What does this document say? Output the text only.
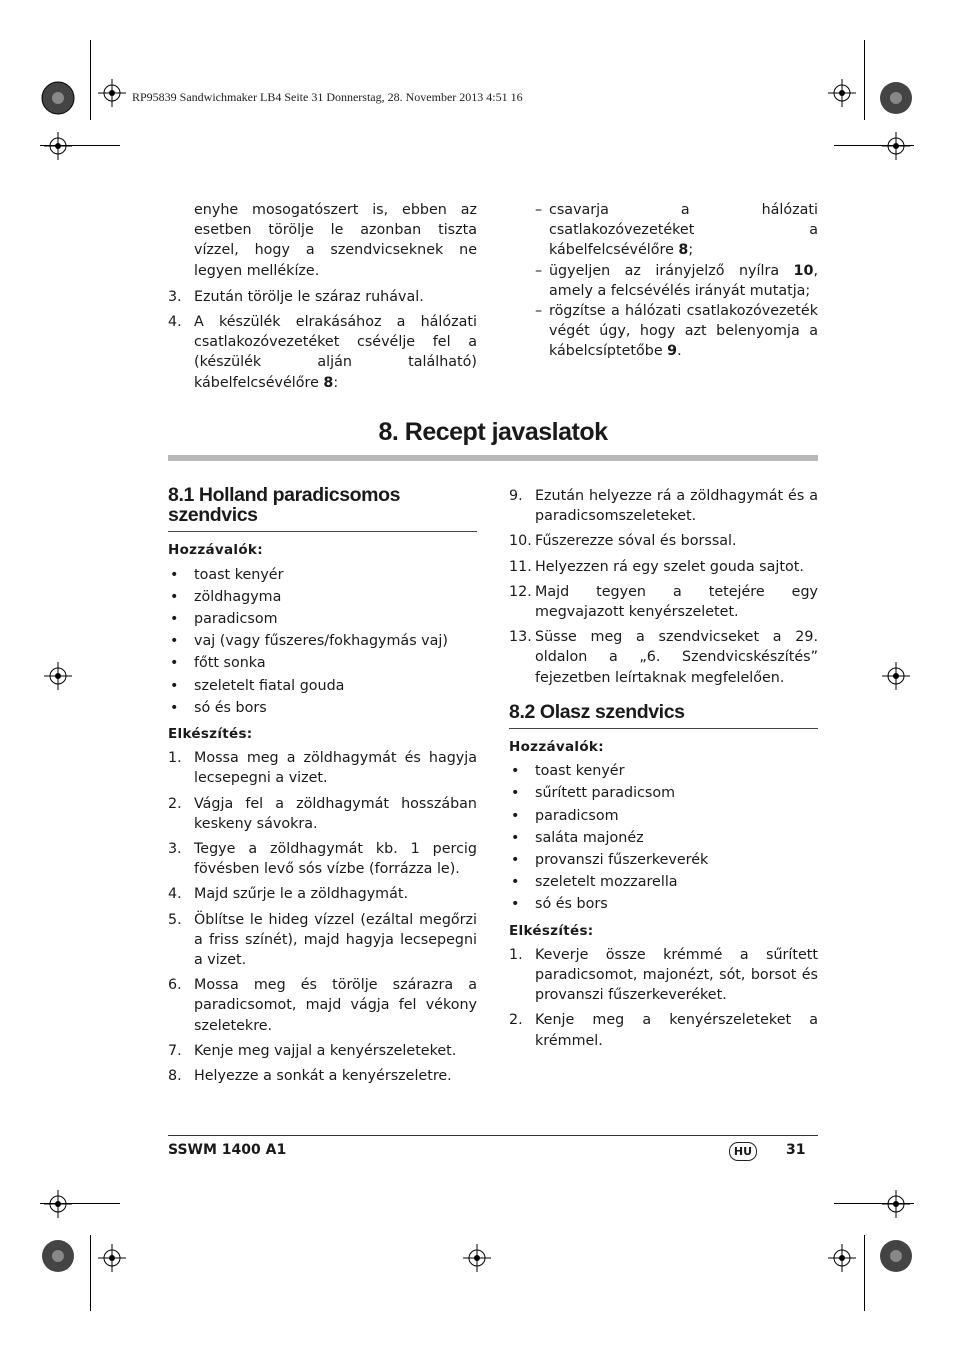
RP95839 Sandwichmaker LB4 Seite 31 Donnerstag, 28. November 2013 4:51 16

enyhe mosogatószert is, ebben az esetben törölje le azonban tiszta vízzel, hogy a szendvicseknek ne legyen mellékíze.

3. Ezután törölje le száraz ruhával.
4. A készülék elrakásához a hálózati csatlakozóvezetéket csévélje fel a (készülék alján található) kábelfelcsévélőre 8:
– csavarja a hálózati csatlakozóvezetéket a kábelfelcsévélőre 8;
– ügyeljen az irányjelző nyílra 10, amely a felcsévélés irányát mutatja;
– rögzítse a hálózati csatlakozóvezeték végét úgy, hogy azt belenyomja a kábelcsíptetőbe 9.
8. Recept javaslatok
8.1 Holland paradicsomos szendvics
Hozzávalók:
• toast kenyér
• zöldhagyma
• paradicsom
• vaj (vagy fűszeres/fokhagymás vaj)
• főtt sonka
• szeletelt fiatal gouda
• só és bors
Elkészítés:
1. Mossa meg a zöldhagymát és hagyja lecsepegni a vizet.
2. Vágja fel a zöldhagymát hosszában keskeny sávokra.
3. Tegye a zöldhagymát kb. 1 percig fövésben levő sós vízbe (forrázza le).
4. Majd szűrje le a zöldhagymát.
5. Öblítse le hideg vízzel (ezáltal megőrzi a friss színét), majd hagyja lecsepegni a vizet.
6. Mossa meg és törölje szárazra a paradicsomot, majd vágja fel vékony szeletekre.
7. Kenje meg vajjal a kenyérszeleteket.
8. Helyezze a sonkát a kenyérszeletre.
9. Ezután helyezze rá a zöldhagymát és a paradicsomszeleteket.
10. Fűszerezze sóval és borssal.
11. Helyezzen rá egy szelet gouda sajtot.
12. Majd tegyen a tetejére egy megvajazott kenyérszeletet.
13. Süsse meg a szendvicseket a 29. oldalon a „6. Szendvicskészítés” fejezetben leírtaknak megfelelően.
8.2 Olasz szendvics
Hozzávalók:
• toast kenyér
• sűrített paradicsom
• paradicsom
• saláta majonéz
• provanszi fűszerkeverék
• szeletelt mozzarella
• só és bors
Elkészítés:
1. Keverje össze krémmé a sűrített paradicsomot, majonézt, sót, borsot és provanszi fűszerkeveréket.
2. Kenje meg a kenyérszeleteket a krémmel.
SSWM 1400 A1	HU	31
